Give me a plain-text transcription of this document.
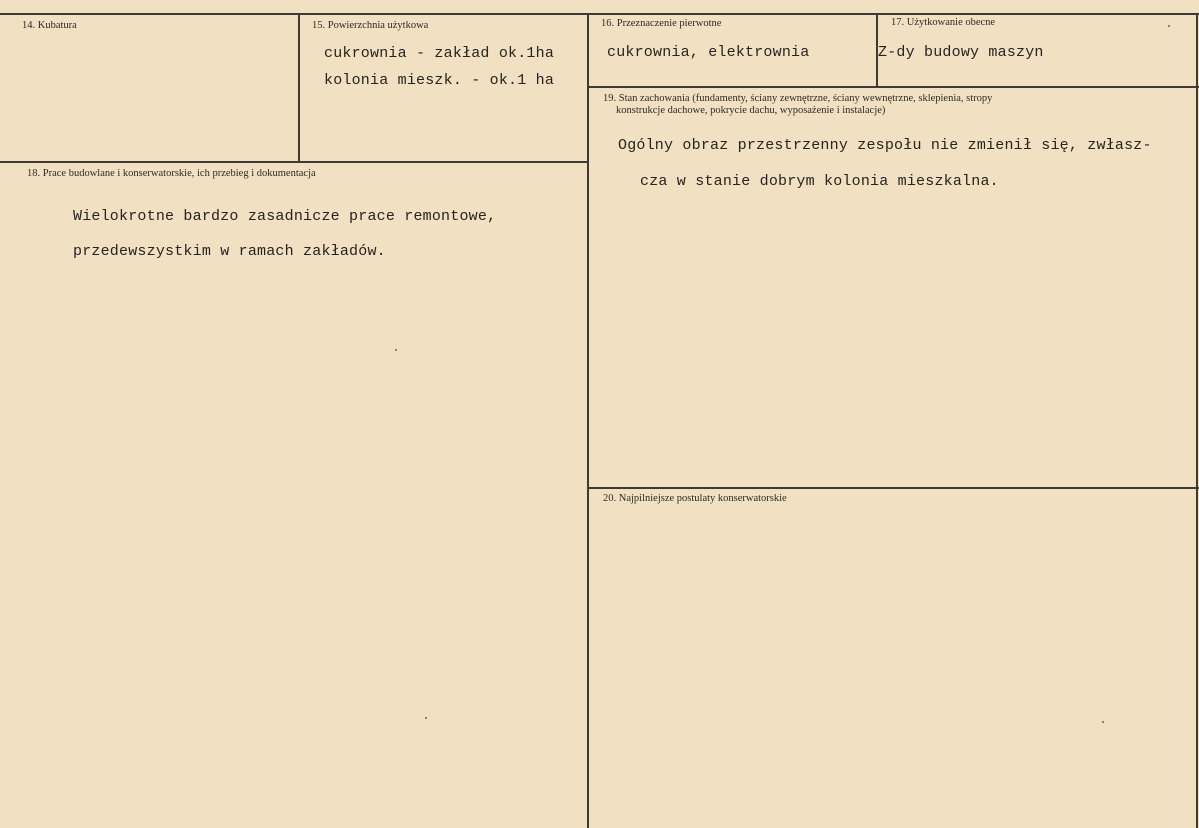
14. Kubatura	15. Powierzchnia użytkowa
cukrownia - zakład ok.1ha
kolonia mieszk. - ok.1 ha
16. Przeznaczenie pierwotne
cukrownia, elektrownia
17. Użytkowanie obecne
Z-dy budowy maszyn
18. Prace budowlane i konserwatorskie, ich przebieg i dokumentacja
Wielokrotne bardzo zasadnicze prace remontowe,
przedewszystkim w ramach zakładów.
19. Stan zachowania (fundamenty, ściany zewnętrzne, ściany wewnętrzne, sklepienia, stropy
konstrukcje dachowe, pokrycie dachu, wyposażenie i instalacje)
Ogólny obraz przestrzenny zespołu nie zmienił się, zwłasz-
cza w stanie dobrym kolonia mieszkalna.
20. Najpilniejsze postulaty konserwatorskie
